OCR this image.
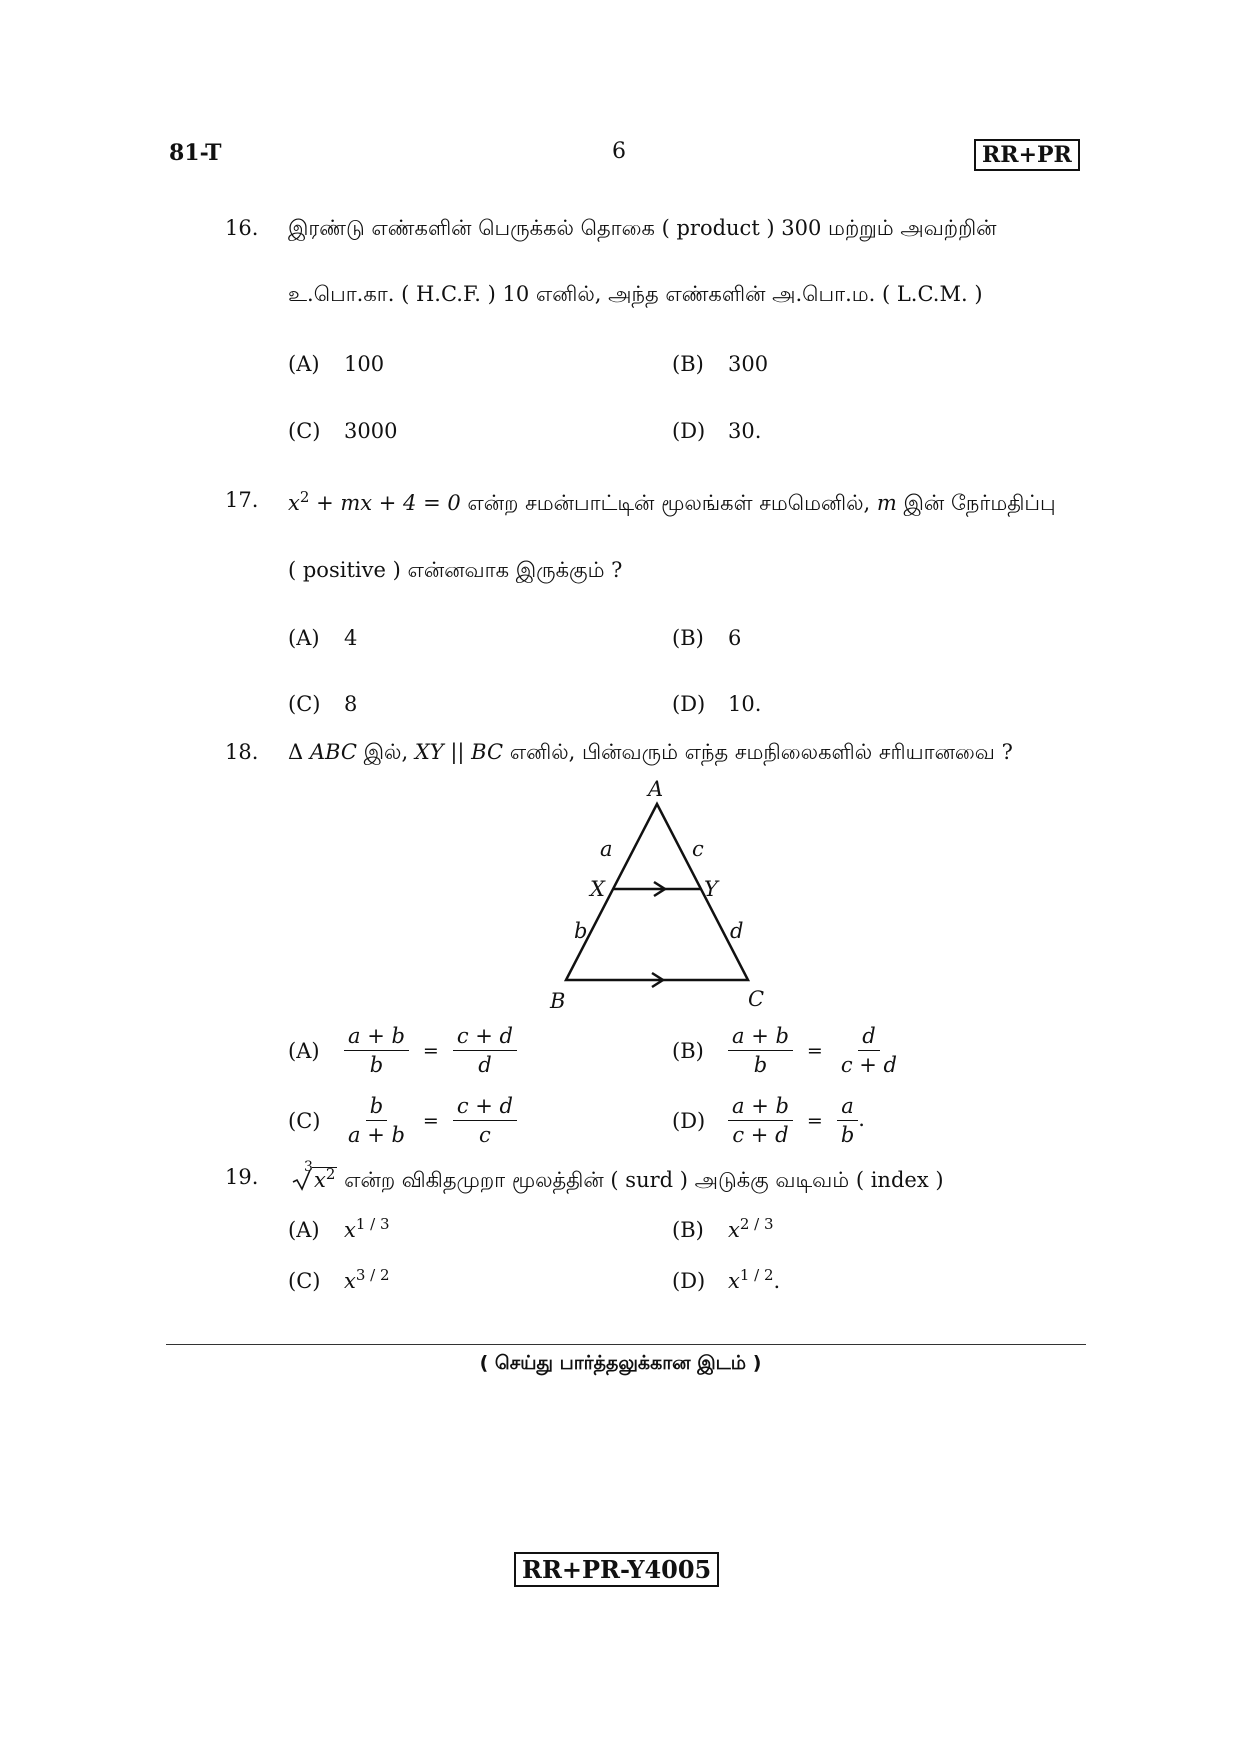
81-T	6	RR+PR
16. இரண்டு எண்களின் பெருக்கல் தொகை ( product ) 300 மற்றும் அவற்றின்
உ.பொ.கா. ( H.C.F. ) 10 எனில், அந்த எண்களின் அ.பொ.ம. ( L.C.M. )
(A) 100	(B) 300
(C) 3000	(D) 30.
17. $x^2$ + mx + 4 = 0 என்ற சமன்பாட்டின் மூலங்கள் சமமெனில், m இன் நேர்மதிப்பு
( positive ) என்னவாக இருக்கும் ?
(A) 4	(B) 6
(C) 8	(D) 10.
18. Δ ABC இல், XY || BC எனில், பின்வரும் எந்த சமநிலைகளில் சரியானவை ?
A
B	C
X	Y
a
b
c
d
$(A) \frac{a + b}{b} = \frac{c + d}{d}$	$(B) \frac{a + b}{b} = \frac{d}{c + d}$
$(C) \frac{b}{a + b} = \frac{c + d}{c}$	$(D) \frac{a + b}{c + d} = \frac{a}{b}$ .
19.	3
$x^2$ என்ற விகிதமுறா மூலத்தின் ( surd ) அடுக்கு வடிவம் ( index )
(A) $x^{1 / 3}$	(B) $x^{2 / 3}$
(C) $x^{3 / 2}$	(D) $x^{1 / 2}$.
( செய்து பார்த்தலுக்கான இடம் )
RR+PR-Y4005
